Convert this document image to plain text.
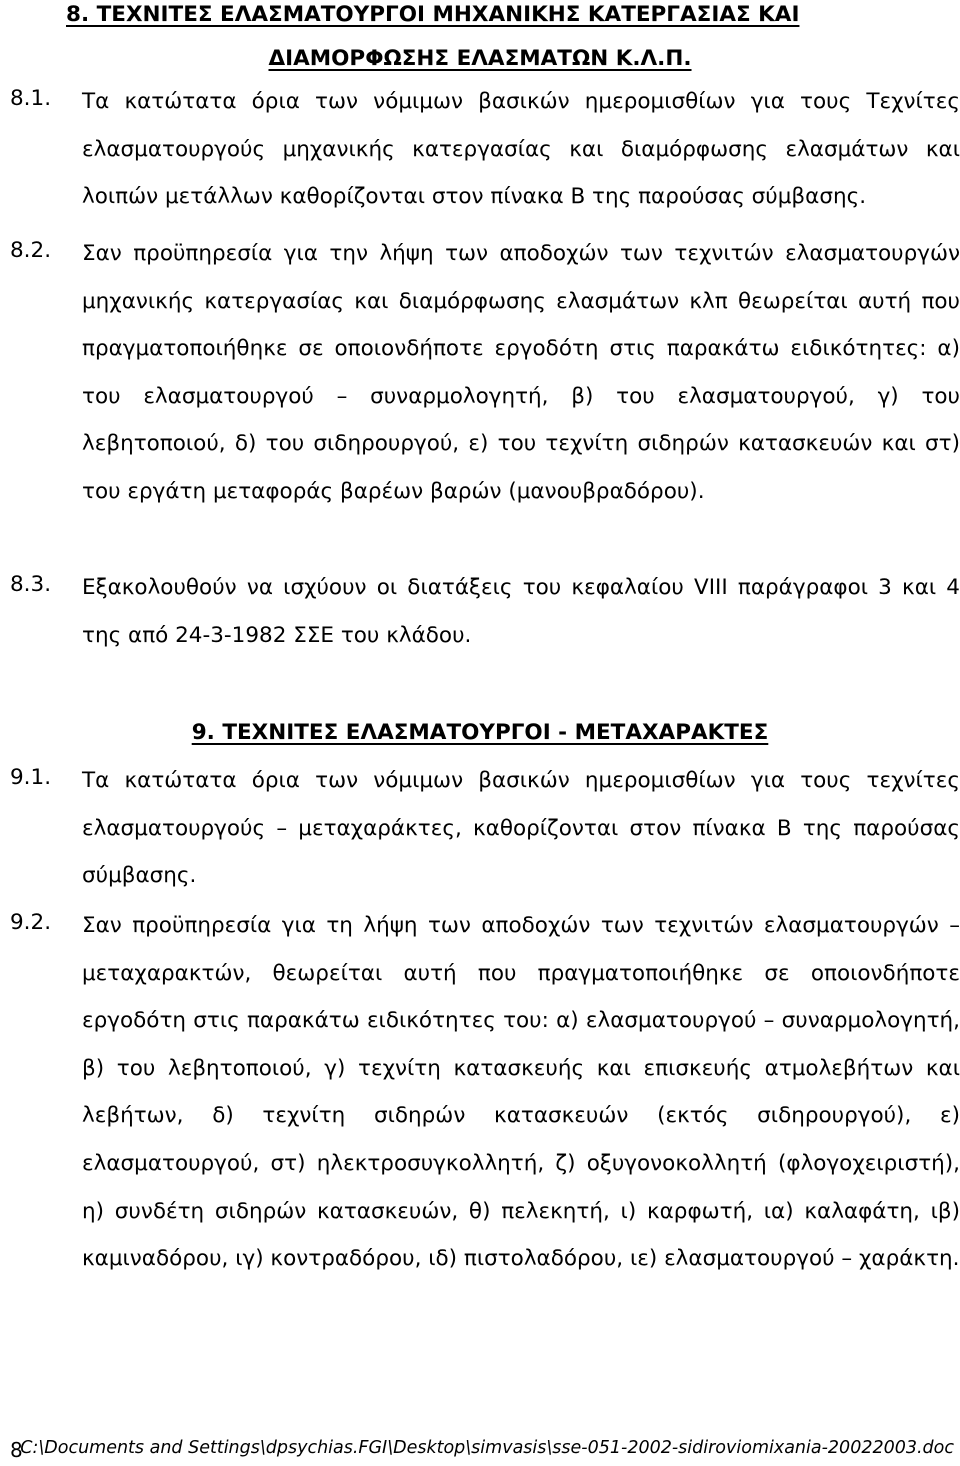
8. ΤΕΧΝΙΤΕΣ ΕΛΑΣΜΑΤΟΥΡΓΟΙ ΜΗΧΑΝΙΚΗΣ ΚΑΤΕΡΓΑΣΙΑΣ ΚΑΙ
ΔΙΑΜΟΡΦΩΣΗΣ ΕΛΑΣΜΑΤΩΝ Κ.Λ.Π.
8.1. Τα κατώτατα όρια των νόμιμων βασικών ημερομισθίων για τους Τεχνίτες ελασματουργούς μηχανικής κατεργασίας και διαμόρφωσης ελασμάτων και λοιπών μετάλλων καθορίζονται στον πίνακα Β της παρούσας σύμβασης.
8.2. Σαν προϋπηρεσία για την λήψη των αποδοχών των τεχνιτών ελασματουργών μηχανικής κατεργασίας και διαμόρφωσης ελασμάτων κλπ θεωρείται αυτή που πραγματοποιήθηκε σε οποιονδήποτε εργοδότη στις παρακάτω ειδικότητες: α) του ελασματουργού – συναρμολογητή, β) του ελασματουργού, γ) του λεβητοποιού, δ) του σιδηρουργού, ε) του τεχνίτη σιδηρών κατασκευών και στ) του εργάτη μεταφοράς βαρέων βαρών (μανουβραδόρου).
8.3. Εξακολουθούν να ισχύουν οι διατάξεις του κεφαλαίου VIII παράγραφοι 3 και 4 της από 24-3-1982 ΣΣΕ του κλάδου.
9. ΤΕΧΝΙΤΕΣ ΕΛΑΣΜΑΤΟΥΡΓΟΙ - ΜΕΤΑΧΑΡΑΚΤΕΣ
9.1. Τα κατώτατα όρια των νόμιμων βασικών ημερομισθίων για τους τεχνίτες ελασματουργούς – μεταχαράκτες, καθορίζονται στον πίνακα Β της παρούσας σύμβασης.
9.2. Σαν προϋπηρεσία για τη λήψη των αποδοχών των τεχνιτών ελασματουργών – μεταχαρακτών, θεωρείται αυτή που πραγματοποιήθηκε σε οποιονδήποτε εργοδότη στις παρακάτω ειδικότητες του: α) ελασματουργού – συναρμολογητή, β) του λεβητοποιού, γ) τεχνίτη κατασκευής και επισκευής ατμολεβήτων και λεβήτων, δ) τεχνίτη σιδηρών κατασκευών (εκτός σιδηρουργού), ε) ελασματουργού, στ) ηλεκτροσυγκολλητή, ζ) οξυγονοκολλητή (φλογοχειριστή), η) συνδέτη σιδηρών κατασκευών, θ) πελεκητή, ι) καρφωτή, ια) καλαφάτη, ιβ) καμιναδόρου, ιγ) κοντραδόρου, ιδ) πιστολαδόρου, ιε) ελασματουργού – χαράκτη.
8
C:\Documents and Settings\dpsychias.FGI\Desktop\simvasis\sse-051-2002-sidiroviomixania-20022003.doc
